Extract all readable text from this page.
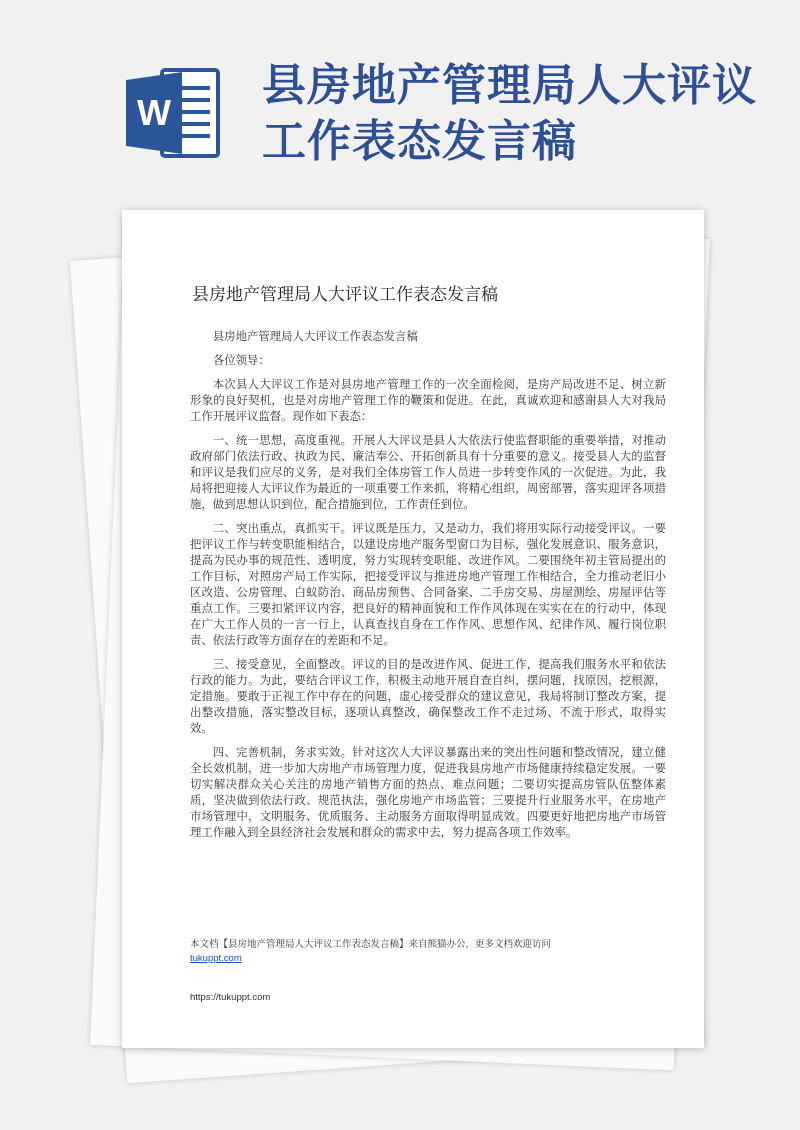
W
县房地产管理局人大评议工作表态发言稿
县房地产管理局人大评议工作表态发言稿

县房地产管理局人大评议工作表态发言稿

各位领导：

本次县人大评议工作是对县房地产管理工作的一次全面检阅，是房产局改进不足、树立新形象的良好契机，也是对房地产管理工作的鞭策和促进。在此，真诚欢迎和感谢县人大对我局工作开展评议监督。现作如下表态：

一、统一思想，高度重视。开展人大评议是县人大依法行使监督职能的重要举措，对推动政府部门依法行政、执政为民、廉洁奉公、开拓创新具有十分重要的意义。接受县人大的监督和评议是我们应尽的义务，是对我们全体房管工作人员进一步转变作风的一次促进。为此，我局将把迎接人大评议作为最近的一项重要工作来抓，将精心组织，周密部署，落实迎评各项措施，做到思想认识到位，配合措施到位，工作责任到位。

二、突出重点，真抓实干。评议既是压力，又是动力，我们将用实际行动接受评议。一要把评议工作与转变职能相结合，以建设房地产服务型窗口为目标，强化发展意识、服务意识，提高为民办事的规范性、透明度，努力实现转变职能、改进作风。二要围绕年初主管局提出的工作目标，对照房产局工作实际，把接受评议与推进房地产管理工作相结合，全力推动老旧小区改造、公房管理、白蚁防治、商品房预售、合同备案、二手房交易、房屋测绘、房屋评估等重点工作。三要扣紧评议内容，把良好的精神面貌和工作作风体现在实实在在的行动中，体现在广大工作人员的一言一行上，认真查找自身在工作作风、思想作风、纪律作风、履行岗位职责、依法行政等方面存在的差距和不足。

三、接受意见，全面整改。评议的目的是改进作风、促进工作，提高我们服务水平和依法行政的能力。为此，要结合评议工作，积极主动地开展自查自纠，摆问题，找原因，挖根源，定措施。要敢于正视工作中存在的问题，虚心接受群众的建议意见，我局将制订整改方案，提出整改措施，落实整改目标，逐项认真整改，确保整改工作不走过场、不流于形式，取得实效。

四、完善机制，务求实效。针对这次人大评议暴露出来的突出性问题和整改情况，建立健全长效机制，进一步加大房地产市场管理力度，促进我县房地产市场健康持续稳定发展。一要切实解决群众关心关注的房地产销售方面的热点、难点问题；二要切实提高房管队伍整体素质，坚决做到依法行政、规范执法，强化房地产市场监管；三要提升行业服务水平，在房地产市场管理中，文明服务、优质服务、主动服务方面取得明显成效。四要更好地把房地产市场管理工作融入到全县经济社会发展和群众的需求中去，努力提高各项工作效率。

本文档【县房地产管理局人大评议工作表态发言稿】来自熊猫办公，更多文档欢迎访问
tukuppt.com
https://tukuppt.com
